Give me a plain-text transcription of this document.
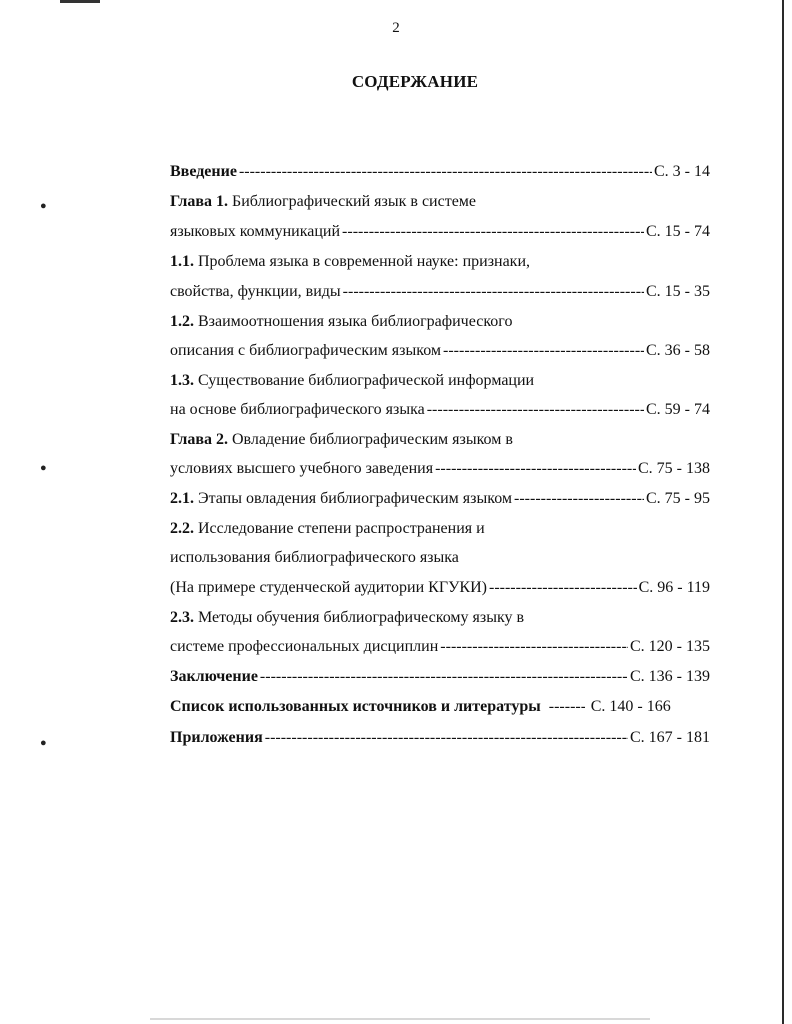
●
●
●
2
СОДЕРЖАНИЕ
Введение -----	С. 3 - 14
Глава 1. Библиографический язык в системе
языковых коммуникаций -----	С. 15 - 74
1.1. Проблема языка в современной науке: признаки,
свойства, функции, виды -----	С. 15 - 35
1.2. Взаимоотношения языка библиографического
описания с библиографическим языком -----	С. 36 - 58
1.3. Существование библиографической информации
на основе библиографического языка -----	С. 59 - 74
Глава 2. Овладение библиографическим языком в
условиях высшего учебного заведения -----	С. 75 - 138
2.1. Этапы овладения библиографическим языком -----	С. 75 - 95
2.2. Исследование степени распространения и
использования библиографического языка
(На примере студенческой аудитории КГУКИ) -----	С. 96 - 119
2.3. Методы обучения библиографическому языку в
системе профессиональных дисциплин -----	С. 120 - 135
Заключение -----	С. 136 - 139
Список использованных источников и литературы -----	С. 140 - 166
Приложения -----	С. 167 - 181
